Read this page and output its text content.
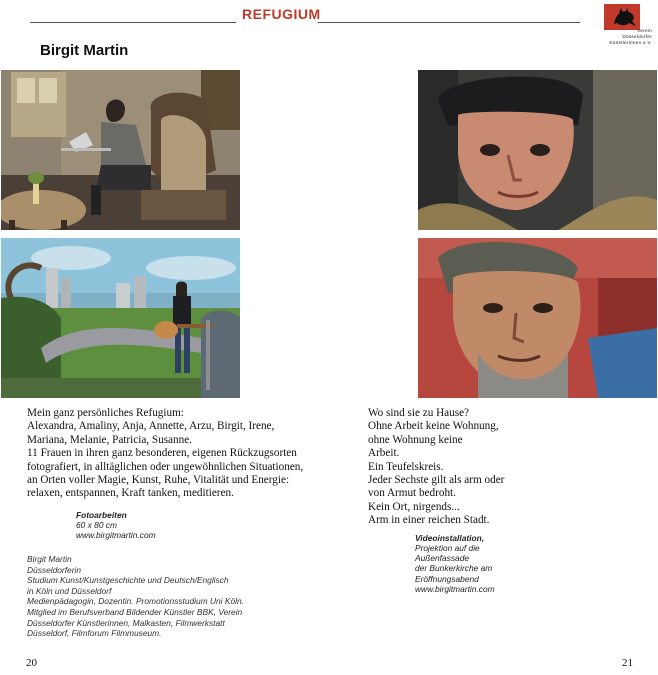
REFUGIUM
Verein
Düsseldorfer
Künstlerinnen e.V.
Birgit Martin
Mein ganz persönliches Refugium:
Alexandra, Amaliny, Anja, Annette, Arzu, Birgit, Irene,
Mariana, Melanie, Patricia, Susanne.
11 Frauen in ihren ganz besonderen, eigenen Rückzugsorten
fotografiert, in alltäglichen oder ungewöhnlichen Situationen,
an Orten voller Magie, Kunst, Ruhe, Vitalität und Energie:
relaxen, entspannen, Kraft tanken, meditieren.
Fotoarbeiten
60 x 80 cm
www.birgitmartin.com
Birgit Martin
Düsseldorferin
Studium Kunst/Kunstgeschichte und Deutsch/Englisch
in Köln und Düsseldorf
Medienpädagogin, Dozentin. Promotionsstudium Uni Köln.
Mitglied im Berufsverband Bildender Künstler BBK, Verein
Düsseldorfer Künstlerinnen, Malkasten, Filmwerkstatt
Düsseldorf, Filmforum Filmmuseum.
Wo sind sie zu Hause?
Ohne Arbeit keine Wohnung,
ohne Wohnung keine
Arbeit.
Ein Teufelskreis.
Jeder Sechste gilt als arm oder
von Armut bedroht.
Kein Ort, nirgends...
Arm in einer reichen Stadt.
Videoinstallation,
Projektion auf die
Außenfassade
der Bunkerkirche am
Eröffnungsabend
www.birgitmartin.com
20	21
